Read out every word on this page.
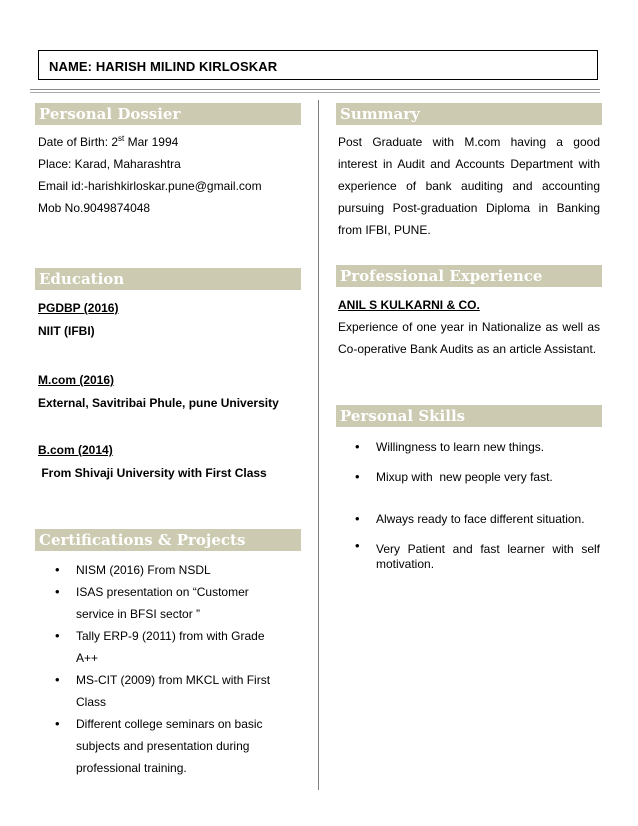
NAME: HARISH MILIND KIRLOSKAR
Personal Dossier
Date of Birth: 2st Mar 1994
Place: Karad, Maharashtra
Email id:-harishkirloskar.pune@gmail.com
Mob No.9049874048
Summary
Post Graduate with M.com having a good interest in Audit and Accounts Department with experience of bank auditing and accounting pursuing Post-graduation Diploma in Banking from IFBI, PUNE.
Education
PGDBP (2016)
NIIT (IFBI)
M.com (2016)
External, Savitribai Phule, pune University
B.com (2014)
From Shivaji University with First Class
Professional Experience
ANIL S KULKARNI & CO.
Experience of one year in Nationalize as well as Co-operative Bank Audits as an article Assistant.
Personal Skills
• Willingness to learn new things.
• Mixup with  new people very fast.
• Always ready to face different situation.
• Very Patient and fast learner with self motivation.
Certifications & Projects
• NISM (2016) From NSDL
• ISAS presentation on “Customer service in BFSI sector ”
• Tally ERP-9 (2011) from with Grade A++
• MS-CIT (2009) from MKCL with First Class
• Different college seminars on basic subjects and presentation during professional training.
